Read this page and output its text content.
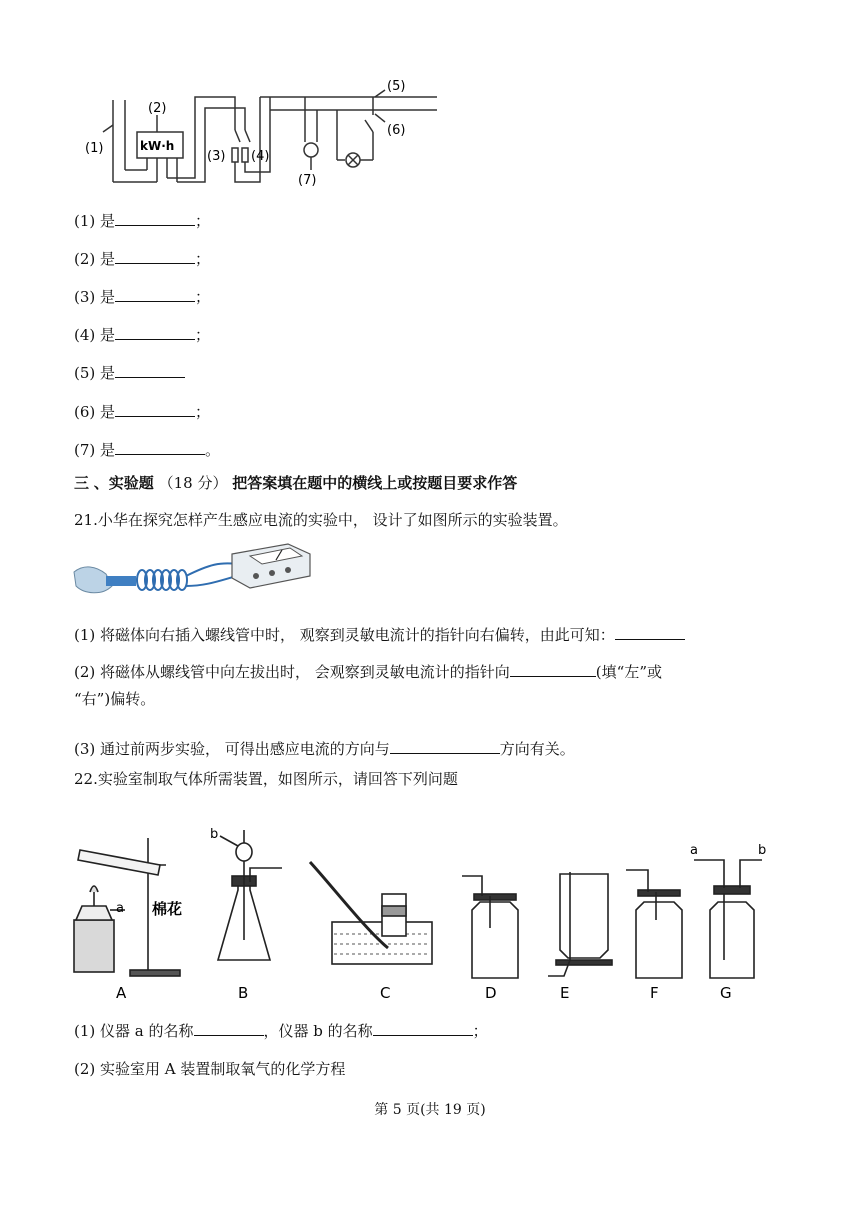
(1)
(2)
kW·h
(3) (4)
(5)
(6)
(7)
(1) 是	；
(2) 是	；
(3) 是	；
(4) 是	；
(5) 是
(6) 是	；
(7) 是	。
三 、实验题 （18 分） 把答案填在题中的横线上或按题目要求作答
21.小华在探究怎样产生感应电流的实验中， 设计了如图所示的实验装置。
(1) 将磁体向右插入螺线管中时， 观察到灵敏电流计的指针向右偏转，由此可知：
(2) 将磁体从螺线管中向左拔出时， 会观察到灵敏电流计的指针向	(填“左”或
“右”)偏转。
(3) 通过前两步实验， 可得出感应电流的方向与	方向有关。
22.实验室制取气体所需装置，如图所示，请回答下列问题
a
b
棉花
a	b
A	B	C	D	E	F	G
(1) 仪器 a 的名称	，仪器 b 的名称	；
(2) 实验室用 A 装置制取氧气的化学方程
第 5 页(共 19 页)
